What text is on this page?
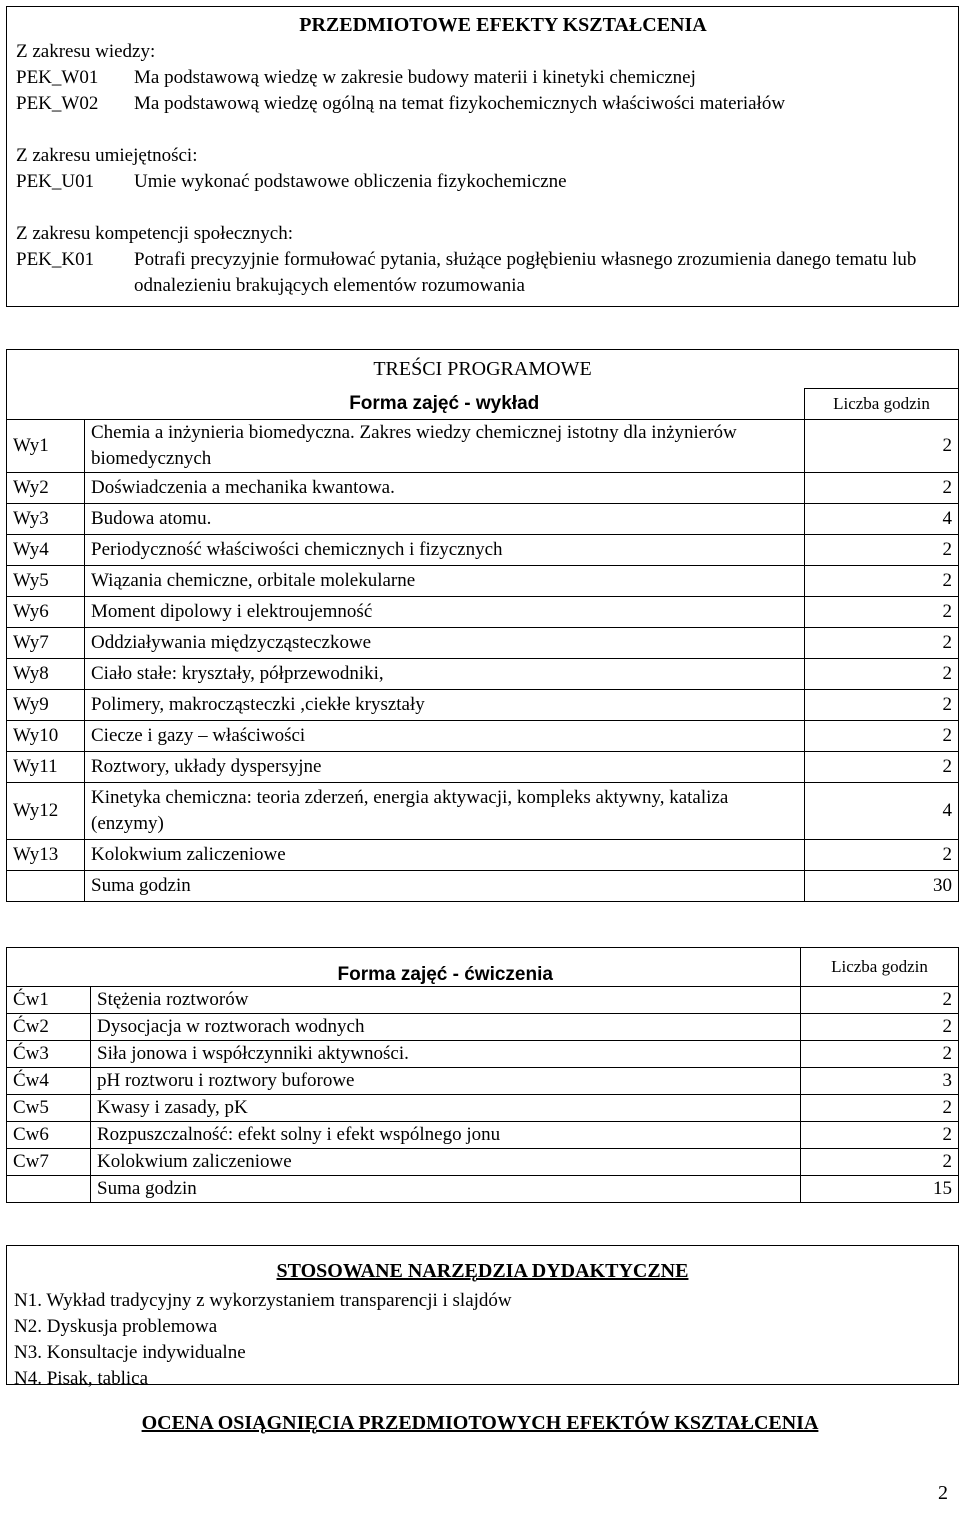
PRZEDMIOTOWE EFEKTY KSZTAŁCENIA
Z zakresu wiedzy:
PEK_W01 Ma podstawową wiedzę w zakresie budowy materii i kinetyki chemicznej
PEK_W02 Ma podstawową wiedzę ogólną na temat fizykochemicznych właściwości materiałów
Z zakresu umiejętności:
PEK_U01 Umie wykonać podstawowe obliczenia fizykochemiczne
Z zakresu kompetencji społecznych:
PEK_K01 Potrafi precyzyjnie formułować pytania, służące pogłębieniu własnego zrozumienia danego tematu lub odnalezieniu brakujących elementów rozumowania
TREŚCI PROGRAMOWE		
	Forma zajęć - wykład	Liczba godzin
Wy1	Chemia a inżynieria biomedyczna. Zakres wiedzy chemicznej istotny dla inżynierów biomedycznych	2
Wy2	Doświadczenia a mechanika kwantowa.	2
Wy3	Budowa atomu.	4
Wy4	Periodyczność właściwości chemicznych i fizycznych	2
Wy5	Wiązania chemiczne, orbitale molekularne	2
Wy6	Moment dipolowy i elektroujemność	2
Wy7	Oddziaływania międzycząsteczkowe	2
Wy8	Ciało stałe: kryształy, półprzewodniki,	2
Wy9	Polimery, makrocząsteczki ,ciekłe kryształy	2
Wy10	Ciecze i gazy – właściwości	2
Wy11	Roztwory, układy dyspersyjne	2
Wy12	Kinetyka chemiczna: teoria zderzeń, energia aktywacji, kompleks aktywny, kataliza (enzymy)	4
Wy13	Kolokwium zaliczeniowe	2
	Suma godzin	30
	Forma zajęć - ćwiczenia	Liczba godzin
Ćw1	Stężenia roztworów	2
Ćw2	Dysocjacja w roztworach wodnych	2
Ćw3	Siła jonowa i współczynniki aktywności.	2
Ćw4	pH roztworu i roztwory buforowe	3
Cw5	Kwasy i zasady, pK	2
Cw6	Rozpuszczalność: efekt solny i efekt wspólnego jonu	2
Cw7	Kolokwium zaliczeniowe	2
	Suma godzin	15
STOSOWANE NARZĘDZIA DYDAKTYCZNE
N1. Wykład tradycyjny z wykorzystaniem transparencji i slajdów
N2. Dyskusja problemowa
N3. Konsultacje indywidualne
N4. Pisak, tablica
OCENA OSIĄGNIĘCIA PRZEDMIOTOWYCH EFEKTÓW KSZTAŁCENIA
2
